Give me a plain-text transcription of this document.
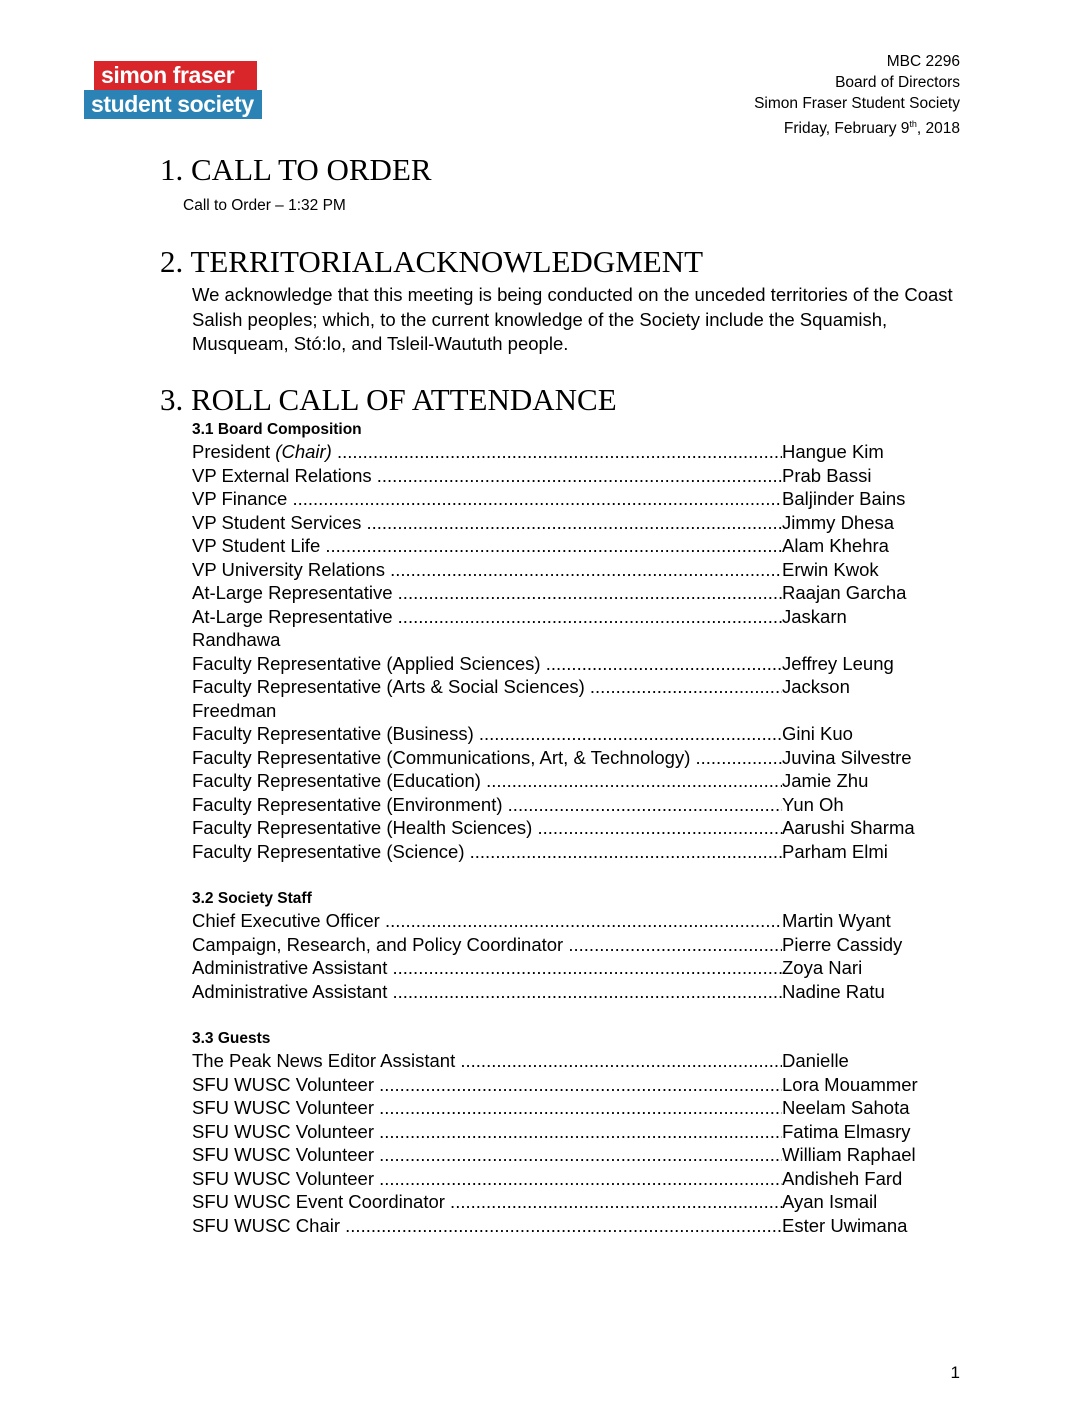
simon fraser
student society
MBC 2296
Board of Directors
Simon Fraser Student Society
Friday, February 9th, 2018
1. CALL TO ORDER
Call to Order – 1:32 PM
2. TERRITORIALACKNOWLEDGMENT
We acknowledge that this meeting is being conducted on the unceded territories of the Coast Salish peoples; which, to the current knowledge of the Society include the Squamish, Musqueam, Stó:lo, and Tsleil-Waututh people.
3. ROLL CALL OF ATTENDANCE
3.1 Board Composition
President (Chair) .....	Hangue Kim
VP External Relations .....	Prab Bassi
VP Finance .....	Baljinder Bains
VP Student Services .....	Jimmy Dhesa
VP Student Life .....	Alam Khehra
VP University Relations .....	Erwin Kwok
At-Large Representative .....	Raajan Garcha
At-Large Representative .....	Jaskarn
Randhawa
Faculty Representative (Applied Sciences) .....	Jeffrey Leung
Faculty Representative (Arts & Social Sciences) .....	Jackson
Freedman
Faculty Representative (Business) .....	Gini Kuo
Faculty Representative (Communications, Art, & Technology) .....	Juvina Silvestre
Faculty Representative (Education) .....	Jamie Zhu
Faculty Representative (Environment) .....	Yun Oh
Faculty Representative (Health Sciences) .....	Aarushi Sharma
Faculty Representative (Science) .....	Parham Elmi
3.2 Society Staff
Chief Executive Officer .....	Martin Wyant
Campaign, Research, and Policy Coordinator .....	Pierre Cassidy
Administrative Assistant .....	Zoya Nari
Administrative Assistant .....	Nadine Ratu
3.3 Guests
The Peak News Editor Assistant .....	Danielle
SFU WUSC Volunteer .....	Lora Mouammer
SFU WUSC Volunteer .....	Neelam Sahota
SFU WUSC Volunteer .....	Fatima Elmasry
SFU WUSC Volunteer .....	William Raphael
SFU WUSC Volunteer .....	Andisheh Fard
SFU WUSC Event Coordinator .....	Ayan Ismail
SFU WUSC Chair .....	Ester Uwimana
1
